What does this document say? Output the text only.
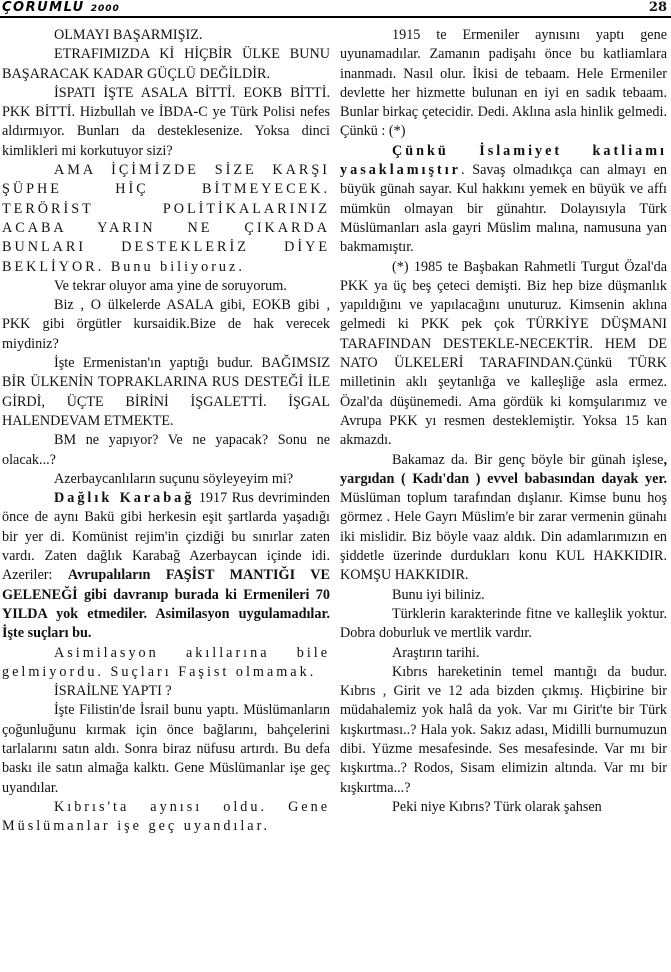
ÇORUMLU 2000	28

OLMAYI BAŞARMIŞIZ.

ETRAFIMIZDA Kİ HİÇBİR ÜLKE BUNU BAŞARACAK KADAR GÜÇLÜ DEĞİLDİR.

İSPATI İŞTE ASALA BİTTİ. EOKB BİTTİ. PKK BİTTİ. Hizbullah ve İBDA-C ye Türk Polisi nefes aldırmıyor. Bunları da desteklesenize. Yoksa dinci kimlikleri mi korkutuyor sizi?

AMA İÇİMİZDE SİZE KARŞI ŞÜPHE HİÇ BİTMEYECEK. TERÖRİST POLİTİKALARINIZ ACABA YARIN NE ÇIKARDA BUNLARI DESTEKLERİZ DİYE BEKLİYOR. Bunu biliyoruz.

Ve tekrar oluyor ama yine de soruyorum.

Biz , O ülkelerde ASALA gibi, EOKB gibi , PKK gibi örgütler kursaidik.Bize de hak verecek miydiniz?

İşte Ermenistan'ın yaptığı budur. BAĞIMSIZ BİR ÜLKENİN TOPRAKLARINA RUS DESTEĞİ İLE GİRDİ, ÜÇTE BİRİNİ İŞGALETTİ. İŞGAL HALENDEVAM ETMEKTE.

BM ne yapıyor? Ve ne yapacak? Sonu ne olacak...?

Azerbaycanlıların suçunu söyleyeyim mi?

Dağlık Karabağ 1917 Rus devriminden önce de aynı Bakü gibi herkesin eşit şartlarda yaşadığı bir yer di. Komünist rejim'in çizdiği bu sınırlar zaten vardı. Zaten dağlık Karabağ Azerbaycan içinde idi. Azeriler: Avrupalıların FAŞİST MANTIĞI VE GELENEĞİ gibi davranıp burada ki Ermenileri 70 YILDA yok etmediler. Asimilasyon uygulamadılar. İşte suçları bu.

Asimilasyon akıllarına bile gelmiyordu. Suçları Faşist olmamak.

İSRAİLNE YAPTI ?

İşte Filistin'de İsrail bunu yaptı. Müslümanların çoğunluğunu kırmak için önce bağlarını, bahçelerini tarlalarını satın aldı. Sonra biraz nüfusu artırdı. Bu defa baskı ile satın almağa kalktı. Gene Müslümanlar işe geç uyandılar.

Kıbrıs'ta aynısı oldu. Gene Müslümanlar işe geç uyandılar.

1915 te Ermeniler aynısını yaptı gene uyunamadılar. Zamanın padişahı önce bu katliamlara inanmadı. Nasıl olur. İkisi de tebaam. Hele Ermeniler devlette her hizmette bulunan en iyi en sadık tebaam. Bunlar birkaç çetecidir. Dedi. Aklına asla hinlik gelmedi. Çünkü : (*)

Çünkü İslamiyet katliamı yasaklamıştır. Savaş olmadıkça can almayı en büyük günah sayar. Kul hakkını yemek en büyük ve affı mümkün olmayan bir günahtır. Dolayısıyla Türk Müslümanları asla gayri Müslim malına, namusuna yan bakmamıştır.

(*) 1985 te Başbakan Rahmetli Turgut Özal'da PKK ya üç beş çeteci demişti. Biz hep bize düşmanlık yapıldığını ve yapılacağını unuturuz. Kimsenin aklına gelmedi ki PKK pek çok TÜRKİYE DÜŞMANI TARAFINDAN DESTEKLE-NECEKTİR. HEM DE NATO ÜLKELERİ TARAFINDAN.Çünkü TÜRK milletinin aklı şeytanlığa ve kalleşliğe asla ermez. Özal'da düşünemedi. Ama gördük ki komşularımız ve Avrupa PKK yı resmen desteklemiştir. Yoksa 15 kan akmazdı.

Bakamaz da. Bir genç böyle bir günah işlese, yargıdan ( Kadı'dan ) evvel babasından dayak yer. Müslüman toplum tarafından dışlanır. Kimse bunu hoş görmez . Hele Gayrı Müslim'e bir zarar vermenin günahı iki mislidir. Biz böyle vaaz aldık. Din adamlarımızın en şiddetle üzerinde durdukları konu KUL HAKKIDIR. KOMŞU HAKKIDIR.

Bunu iyi biliniz.

Türklerin karakterinde fitne ve kalleşlik yoktur. Dobra doburluk ve mertlik vardır.

Araştırın tarihi.

Kıbrıs hareketinin temel mantığı da budur. Kıbrıs , Girit ve 12 ada bizden çıkmış. Hiçbirine bir müdahalemiz yok halâ da yok. Var mı Girit'te bir Türk kışkırtması..? Hala yok. Sakız adası, Midilli burnumuzun dibi. Yüzme mesafesinde. Ses mesafesinde. Var mı bir kışkırtma..? Rodos, Sisam elimizin altında. Var mı bir kışkırtma...?

Peki niye Kıbrıs? Türk olarak şahsen
